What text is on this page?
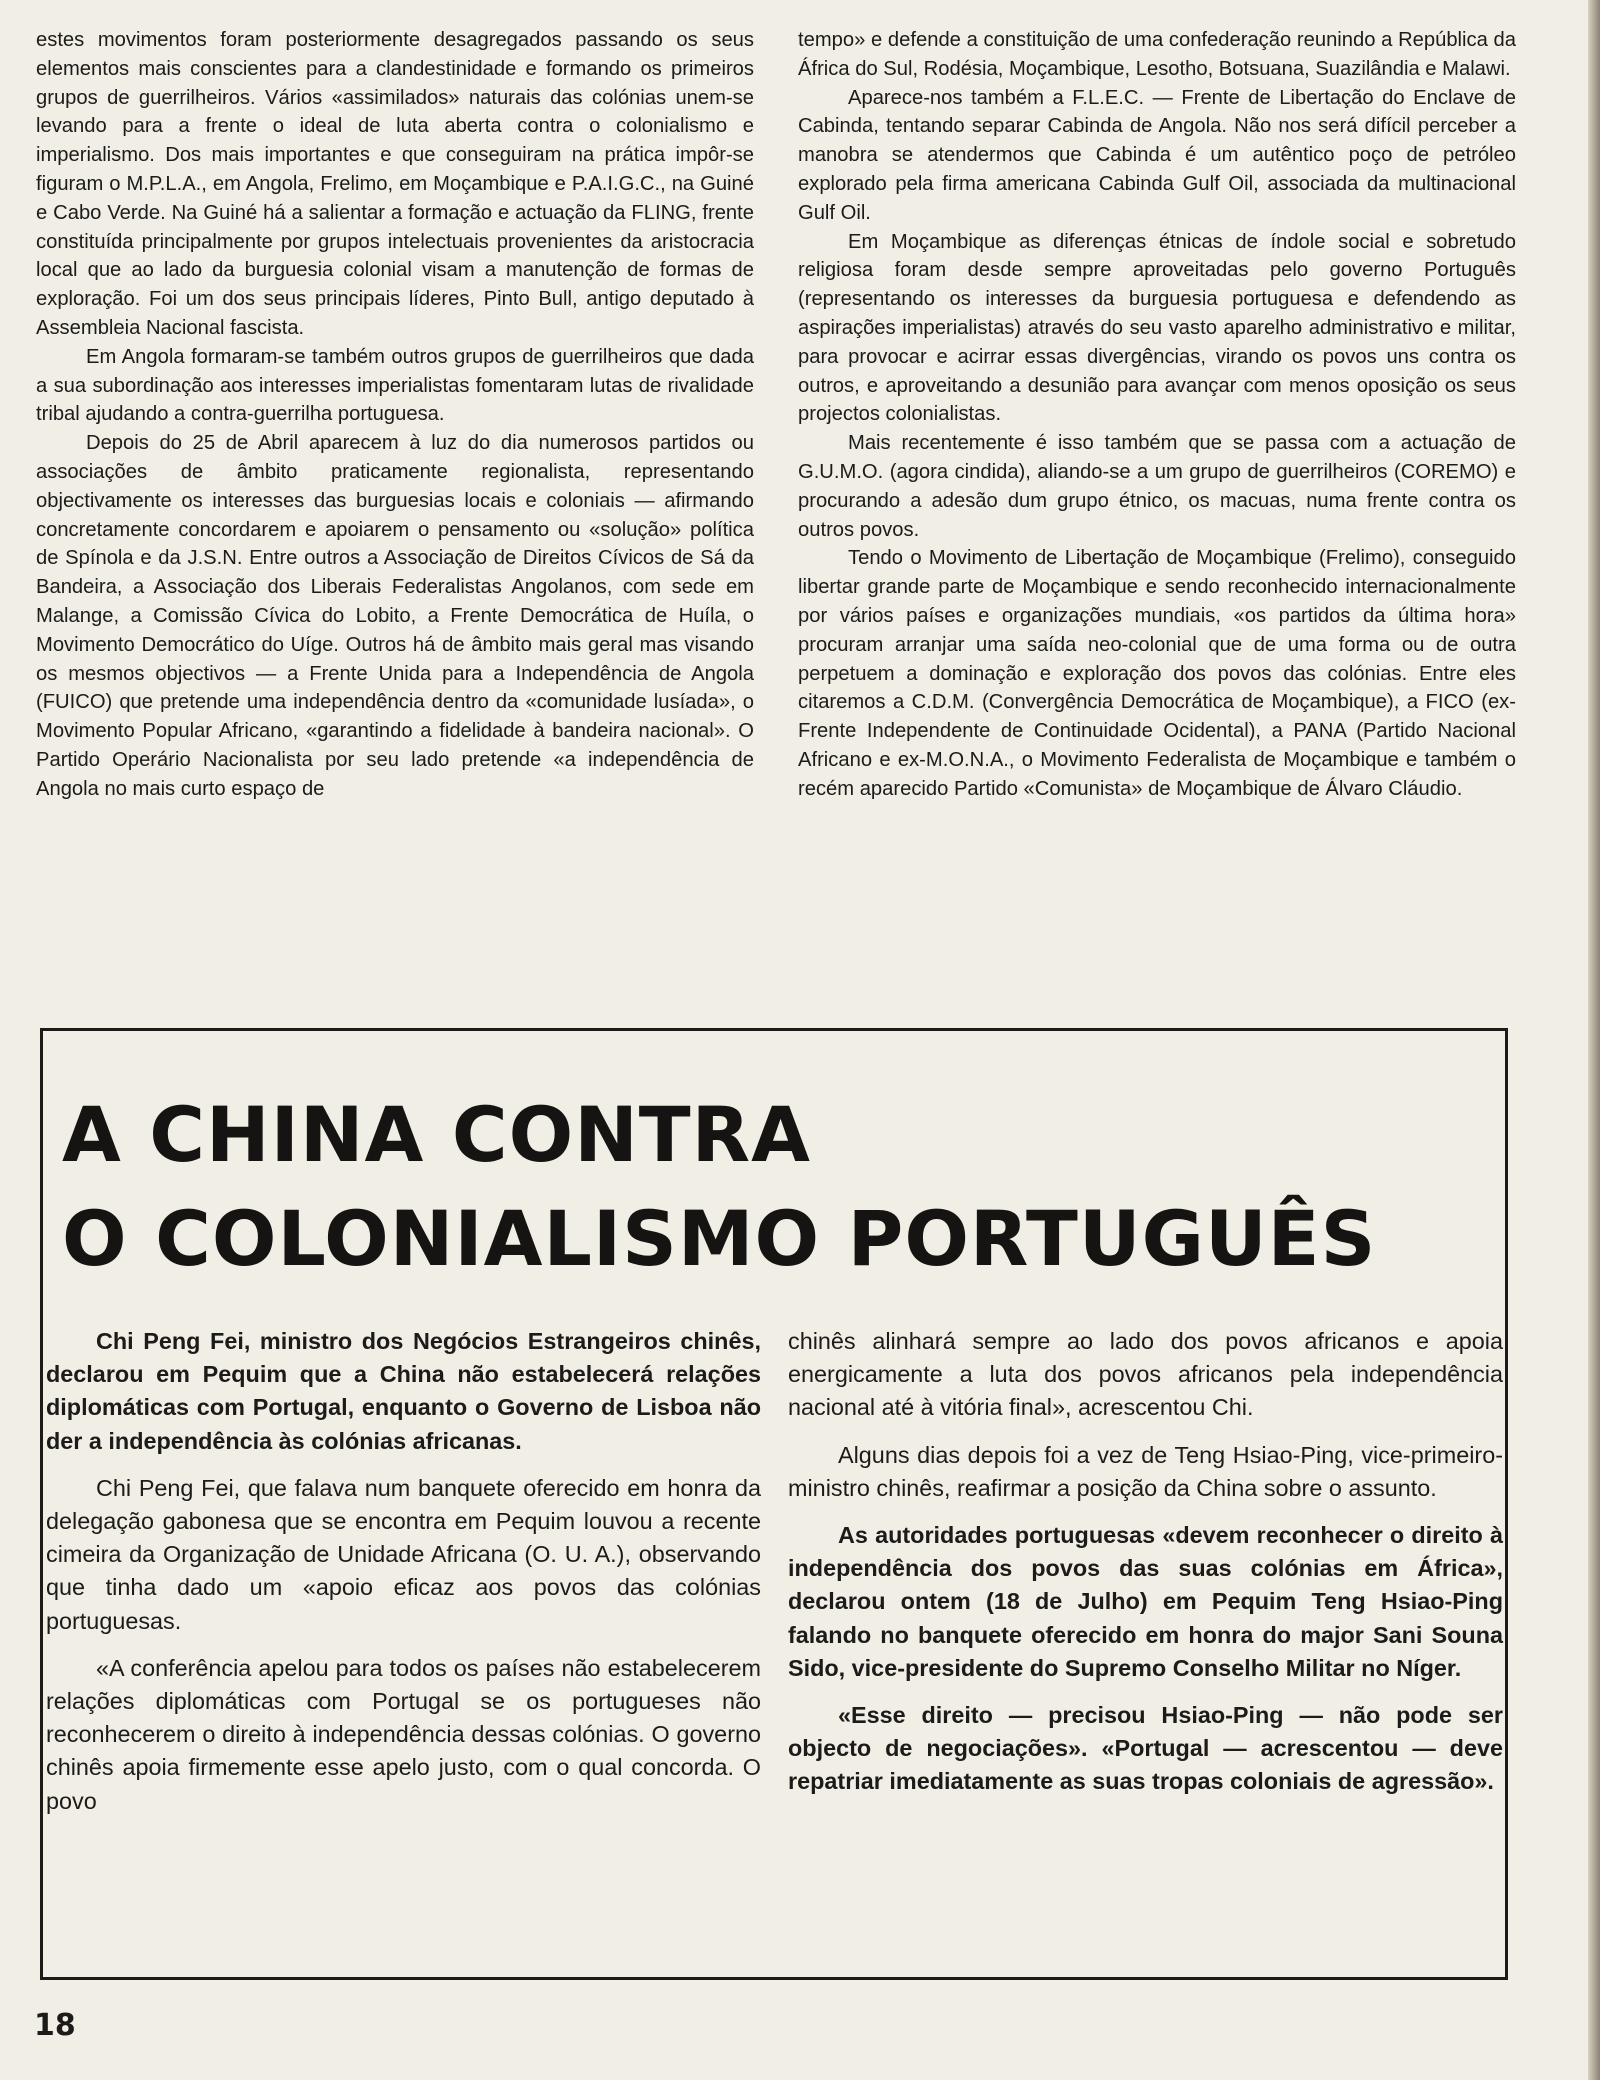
estes movimentos foram posteriormente desagregados passando os seus elementos mais conscientes para a clandestinidade e formando os primeiros grupos de guerrilheiros. Vários «assimilados» naturais das colónias unem-se levando para a frente o ideal de luta aberta contra o colonialismo e imperialismo. Dos mais importantes e que conseguiram na prática impôr-se figuram o M.P.L.A., em Angola, Frelimo, em Moçambique e P.A.I.G.C., na Guiné e Cabo Verde. Na Guiné há a salientar a formação e actuação da FLING, frente constituída principalmente por grupos intelectuais provenientes da aristocracia local que ao lado da burguesia colonial visam a manutenção de formas de exploração. Foi um dos seus principais líderes, Pinto Bull, antigo deputado à Assembleia Nacional fascista.

Em Angola formaram-se também outros grupos de guerrilheiros que dada a sua subordinação aos interesses imperialistas fomentaram lutas de rivalidade tribal ajudando a contra-guerrilha portuguesa.

Depois do 25 de Abril aparecem à luz do dia numerosos partidos ou associações de âmbito praticamente regionalista, representando objectivamente os interesses das burguesias locais e coloniais — afirmando concretamente concordarem e apoiarem o pensamento ou «solução» política de Spínola e da J.S.N. Entre outros a Associação de Direitos Cívicos de Sá da Bandeira, a Associação dos Liberais Federalistas Angolanos, com sede em Malange, a Comissão Cívica do Lobito, a Frente Democrática de Huíla, o Movimento Democrático do Uíge. Outros há de âmbito mais geral mas visando os mesmos objectivos — a Frente Unida para a Independência de Angola (FUICO) que pretende uma independência dentro da «comunidade lusíada», o Movimento Popular Africano, «garantindo a fidelidade à bandeira nacional». O Partido Operário Nacionalista por seu lado pretende «a independência de Angola no mais curto espaço de

tempo» e defende a constituição de uma confederação reunindo a República da África do Sul, Rodésia, Moçambique, Lesotho, Botsuana, Suazilândia e Malawi.

Aparece-nos também a F.L.E.C. — Frente de Libertação do Enclave de Cabinda, tentando separar Cabinda de Angola. Não nos será difícil perceber a manobra se atendermos que Cabinda é um autêntico poço de petróleo explorado pela firma americana Cabinda Gulf Oil, associada da multinacional Gulf Oil.

Em Moçambique as diferenças étnicas de índole social e sobretudo religiosa foram desde sempre aproveitadas pelo governo Português (representando os interesses da burguesia portuguesa e defendendo as aspirações imperialistas) através do seu vasto aparelho administrativo e militar, para provocar e acirrar essas divergências, virando os povos uns contra os outros, e aproveitando a desunião para avançar com menos oposição os seus projectos colonialistas.

Mais recentemente é isso também que se passa com a actuação de G.U.M.O. (agora cindida), aliando-se a um grupo de guerrilheiros (COREMO) e procurando a adesão dum grupo étnico, os macuas, numa frente contra os outros povos.

Tendo o Movimento de Libertação de Moçambique (Frelimo), conseguido libertar grande parte de Moçambique e sendo reconhecido internacionalmente por vários países e organizações mundiais, «os partidos da última hora» procuram arranjar uma saída neo-colonial que de uma forma ou de outra perpetuem a dominação e exploração dos povos das colónias. Entre eles citaremos a C.D.M. (Convergência Democrática de Moçambique), a FICO (ex-Frente Independente de Continuidade Ocidental), a PANA (Partido Nacional Africano e ex-M.O.N.A., o Movimento Federalista de Moçambique e também o recém aparecido Partido «Comunista» de Moçambique de Álvaro Cláudio.

A CHINA CONTRA
O COLONIALISMO PORTUGUÊS

Chi Peng Fei, ministro dos Negócios Estrangeiros chinês, declarou em Pequim que a China não estabelecerá relações diplomáticas com Portugal, enquanto o Governo de Lisboa não der a independência às colónias africanas.

Chi Peng Fei, que falava num banquete oferecido em honra da delegação gabonesa que se encontra em Pequim louvou a recente cimeira da Organização de Unidade Africana (O. U. A.), observando que tinha dado um «apoio eficaz aos povos das colónias portuguesas.

«A conferência apelou para todos os países não estabelecerem relações diplomáticas com Portugal se os portugueses não reconhecerem o direito à independência dessas colónias. O governo chinês apoia firmemente esse apelo justo, com o qual concorda. O povo

chinês alinhará sempre ao lado dos povos africanos e apoia energicamente a luta dos povos africanos pela independência nacional até à vitória final», acrescentou Chi.

Alguns dias depois foi a vez de Teng Hsiao-Ping, vice-primeiro-ministro chinês, reafirmar a posição da China sobre o assunto.

As autoridades portuguesas «devem reconhecer o direito à independência dos povos das suas colónias em África», declarou ontem (18 de Julho) em Pequim Teng Hsiao-Ping falando no banquete oferecido em honra do major Sani Souna Sido, vice-presidente do Supremo Conselho Militar no Níger.

«Esse direito — precisou Hsiao-Ping — não pode ser objecto de negociações». «Portugal — acrescentou — deve repatriar imediatamente as suas tropas coloniais de agressão».

18
